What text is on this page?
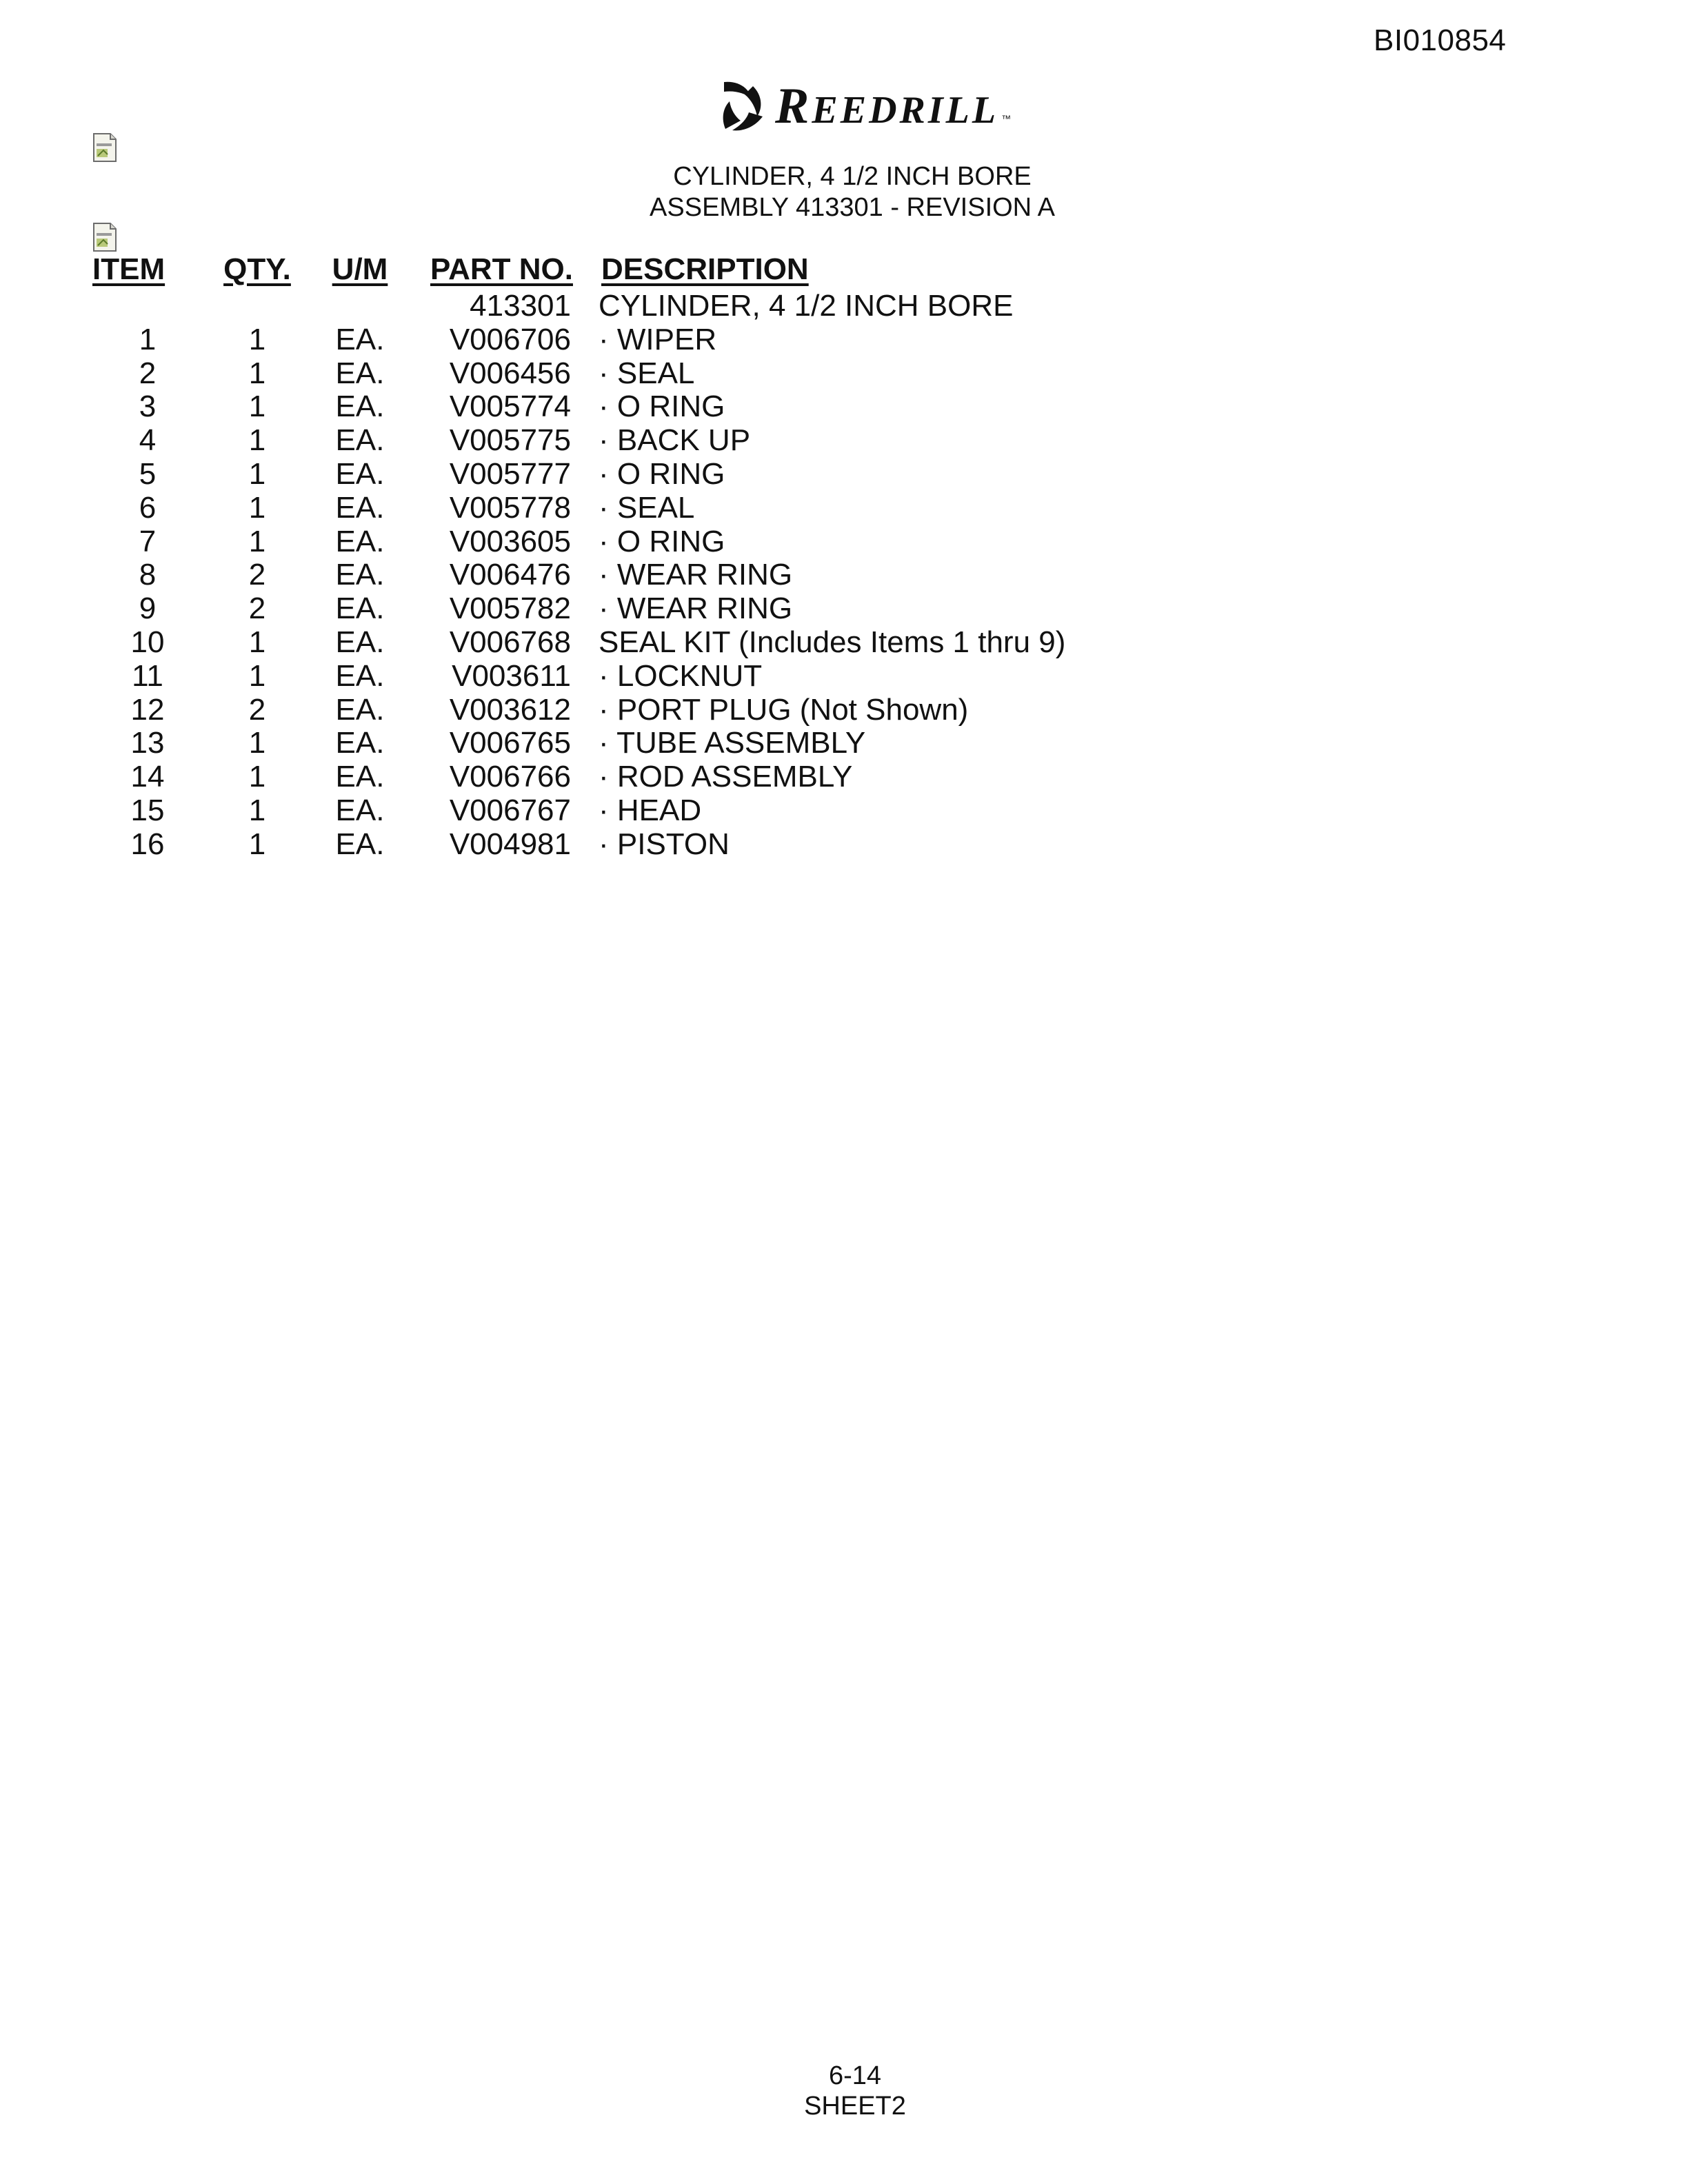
BI010854
REEDRILL ™
CYLINDER, 4 1/2 INCH BORE
ASSEMBLY 413301 - REVISION A
ITEM	QTY.	U/M	PART NO.	DESCRIPTION
			413301	CYLINDER, 4 1/2 INCH BORE
1	1	EA.	V006706	· WIPER
2	1	EA.	V006456	· SEAL
3	1	EA.	V005774	· O RING
4	1	EA.	V005775	· BACK UP
5	1	EA.	V005777	· O RING
6	1	EA.	V005778	· SEAL
7	1	EA.	V003605	· O RING
8	2	EA.	V006476	· WEAR RING
9	2	EA.	V005782	· WEAR RING
10	1	EA.	V006768	SEAL KIT (Includes Items 1 thru 9)
11	1	EA.	V003611	· LOCKNUT
12	2	EA.	V003612	· PORT PLUG (Not Shown)
13	1	EA.	V006765	· TUBE ASSEMBLY
14	1	EA.	V006766	· ROD ASSEMBLY
15	1	EA.	V006767	· HEAD
16	1	EA.	V004981	· PISTON
6-14
SHEET2
